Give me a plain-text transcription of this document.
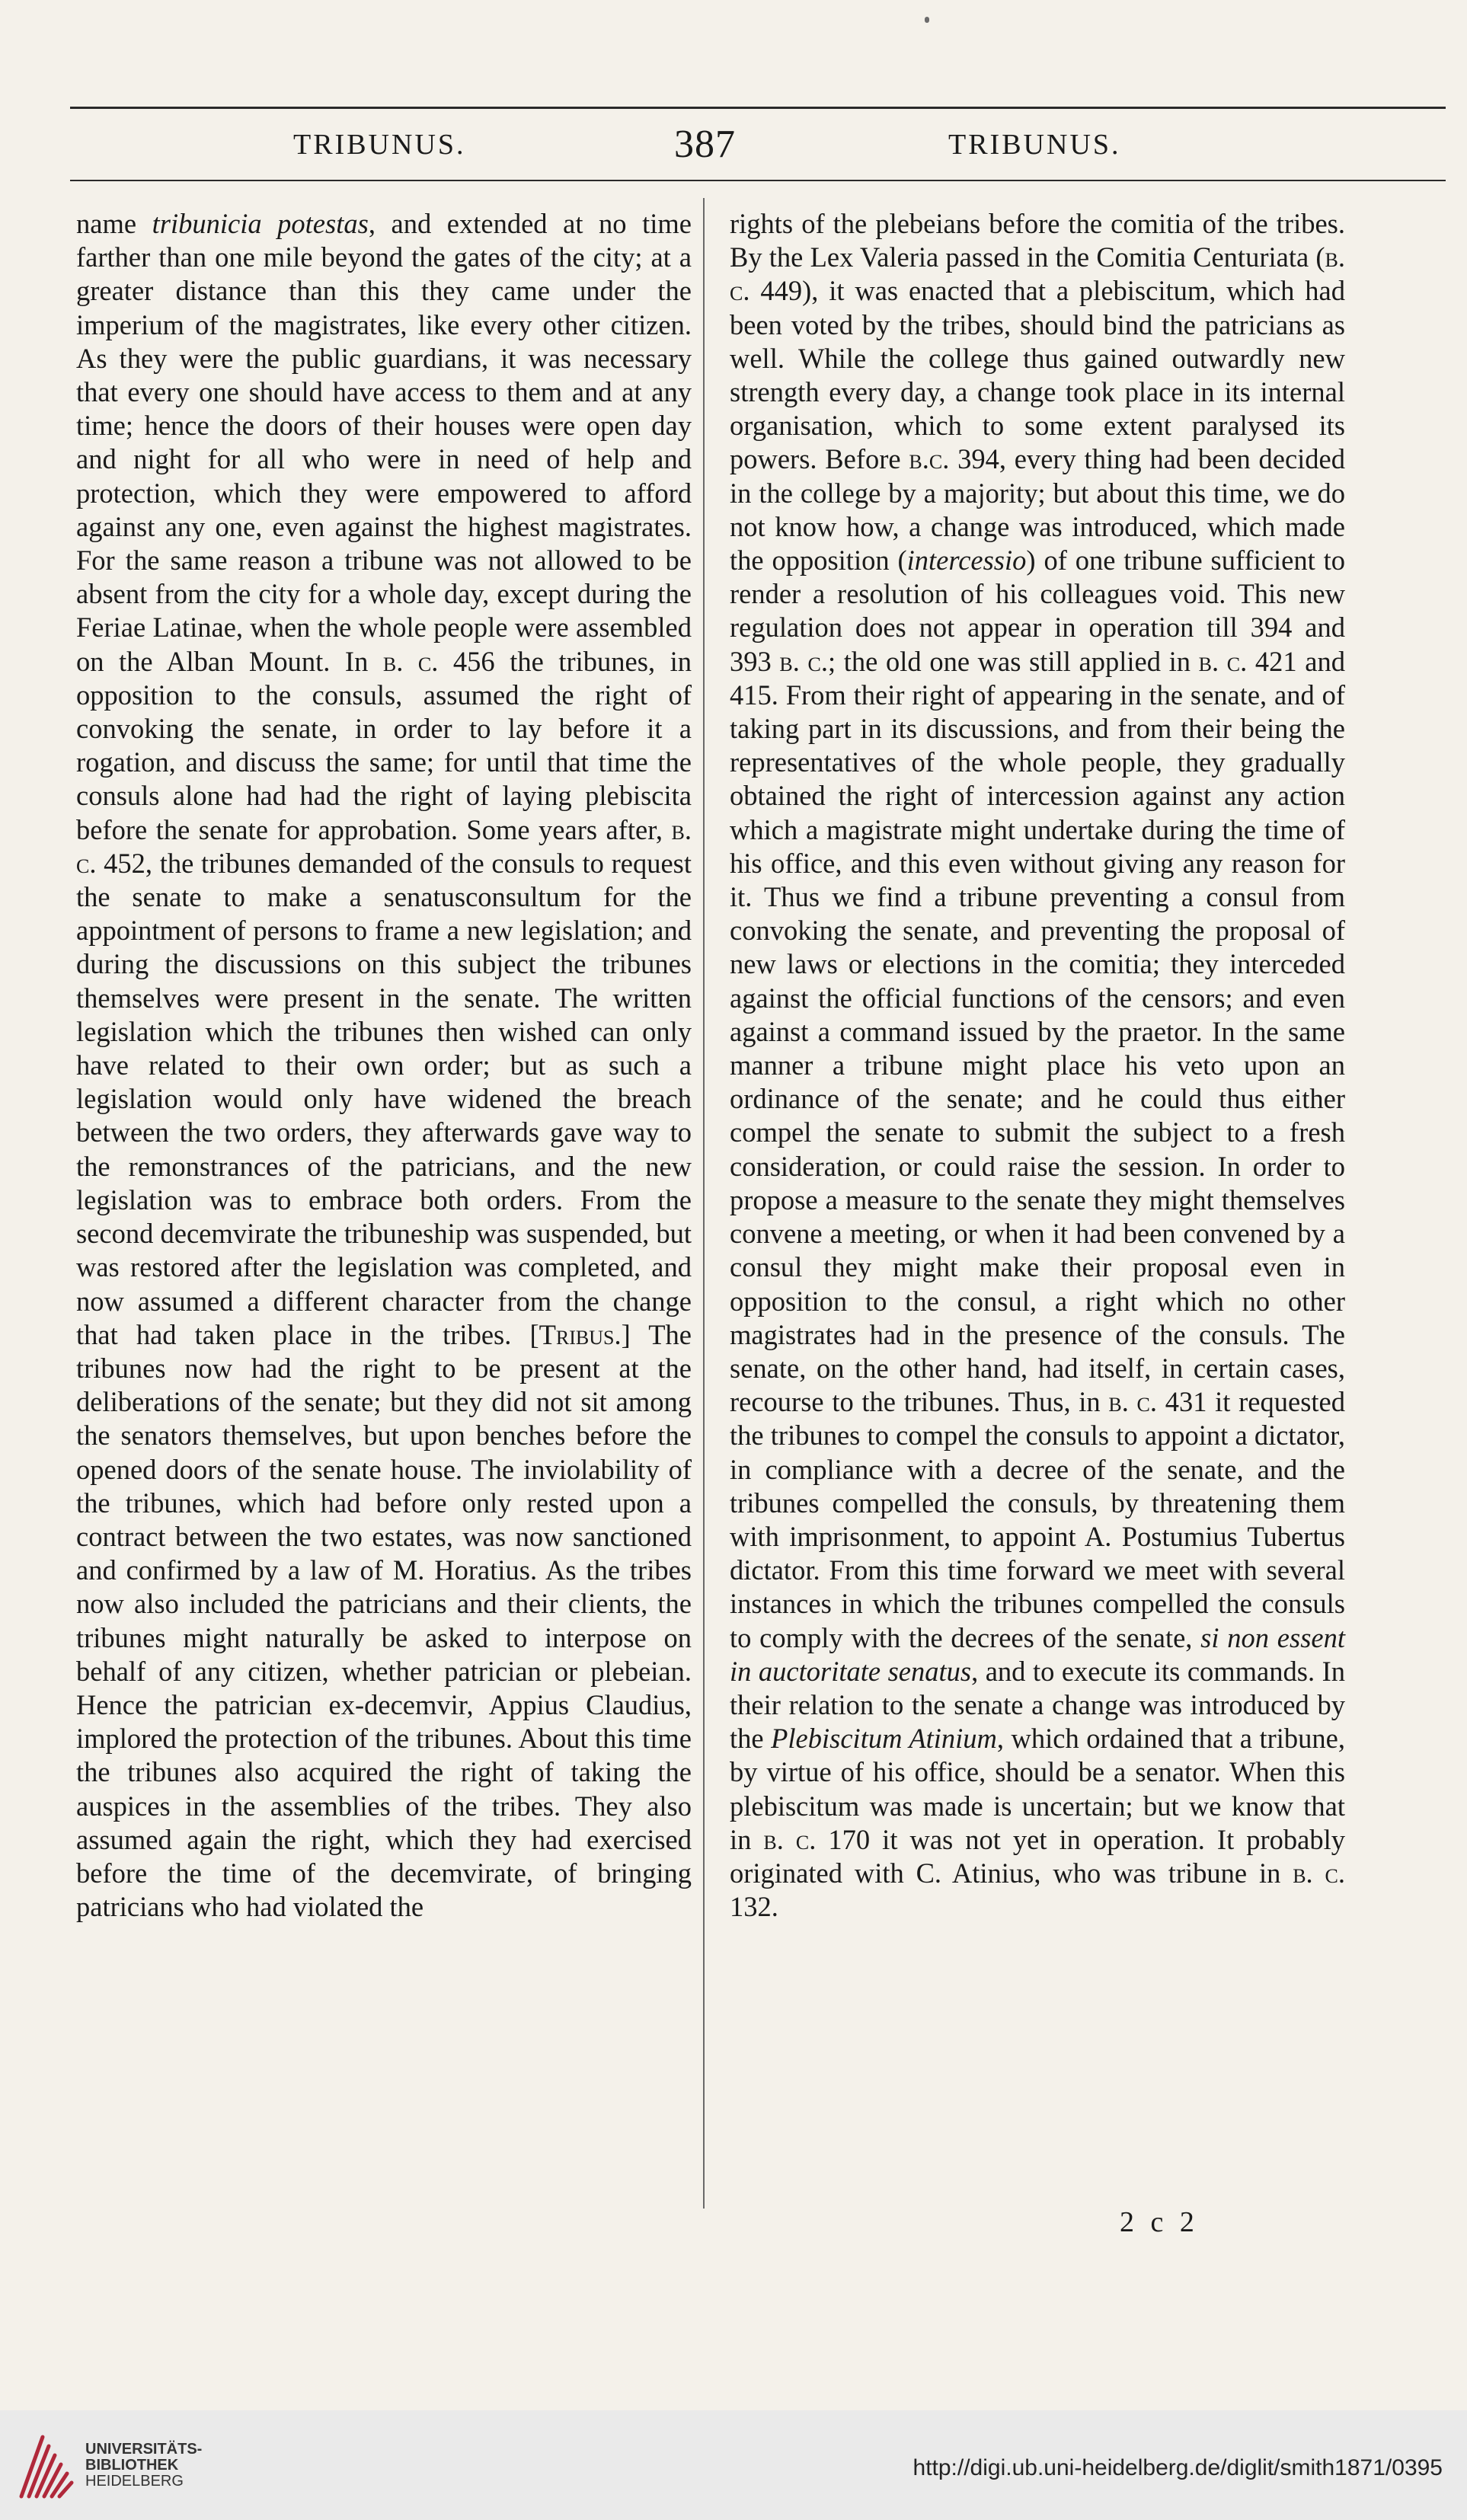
TRIBUNUS.	387	TRIBUNUS.

name tribunicia potestas, and extended at no time farther than one mile beyond the gates of the city; at a greater distance than this they came under the imperium of the magistrates, like every other citizen. As they were the public guardians, it was necessary that every one should have access to them and at any time; hence the doors of their houses were open day and night for all who were in need of help and protection, which they were empowered to afford against any one, even against the highest magistrates. For the same reason a tribune was not allowed to be absent from the city for a whole day, except during the Feriae Latinae, when the whole people were assembled on the Alban Mount. In b. c. 456 the tribunes, in opposition to the consuls, assumed the right of convoking the senate, in order to lay before it a rogation, and discuss the same; for until that time the consuls alone had had the right of laying plebiscita before the senate for approbation. Some years after, b. c. 452, the tribunes demanded of the consuls to request the senate to make a senatusconsultum for the appointment of persons to frame a new legislation; and during the discussions on this subject the tribunes themselves were present in the senate. The written legislation which the tribunes then wished can only have related to their own order; but as such a legislation would only have widened the breach between the two orders, they afterwards gave way to the remonstrances of the patricians, and the new legislation was to embrace both orders. From the second decemvirate the tribuneship was suspended, but was restored after the legislation was completed, and now assumed a different character from the change that had taken place in the tribes. [Tribus.] The tribunes now had the right to be present at the deliberations of the senate; but they did not sit among the senators themselves, but upon benches before the opened doors of the senate house. The inviolability of the tribunes, which had before only rested upon a contract between the two estates, was now sanctioned and confirmed by a law of M. Horatius. As the tribes now also included the patricians and their clients, the tribunes might naturally be asked to interpose on behalf of any citizen, whether patrician or plebeian. Hence the patrician ex-decemvir, Appius Claudius, implored the protection of the tribunes. About this time the tribunes also acquired the right of taking the auspices in the assemblies of the tribes. They also assumed again the right, which they had exercised before the time of the decemvirate, of bringing patricians who had violated the

rights of the plebeians before the comitia of the tribes. By the Lex Valeria passed in the Comitia Centuriata (b. c. 449), it was enacted that a plebiscitum, which had been voted by the tribes, should bind the patricians as well. While the college thus gained outwardly new strength every day, a change took place in its internal organisation, which to some extent paralysed its powers. Before b.c. 394, every thing had been decided in the college by a majority; but about this time, we do not know how, a change was introduced, which made the opposition (intercessio) of one tribune sufficient to render a resolution of his colleagues void. This new regulation does not appear in operation till 394 and 393 b. c.; the old one was still applied in b. c. 421 and 415. From their right of appearing in the senate, and of taking part in its discussions, and from their being the representatives of the whole people, they gradually obtained the right of intercession against any action which a magistrate might undertake during the time of his office, and this even without giving any reason for it. Thus we find a tribune preventing a consul from convoking the senate, and preventing the proposal of new laws or elections in the comitia; they interceded against the official functions of the censors; and even against a command issued by the praetor. In the same manner a tribune might place his veto upon an ordinance of the senate; and he could thus either compel the senate to submit the subject to a fresh consideration, or could raise the session. In order to propose a measure to the senate they might themselves convene a meeting, or when it had been convened by a consul they might make their proposal even in opposition to the consul, a right which no other magistrates had in the presence of the consuls. The senate, on the other hand, had itself, in certain cases, recourse to the tribunes. Thus, in b. c. 431 it requested the tribunes to compel the consuls to appoint a dictator, in compliance with a decree of the senate, and the tribunes compelled the consuls, by threatening them with imprisonment, to appoint A. Postumius Tubertus dictator. From this time forward we meet with several instances in which the tribunes compelled the consuls to comply with the decrees of the senate, si non essent in auctoritate senatus, and to execute its commands. In their relation to the senate a change was introduced by the Plebiscitum Atinium, which ordained that a tribune, by virtue of his office, should be a senator. When this plebiscitum was made is uncertain; but we know that in b. c. 170 it was not yet in operation. It probably originated with C. Atinius, who was tribune in b. c. 132.

2 c 2
UNIVERSITÄTS-
BIBLIOTHEK
HEIDELBERG
http://digi.ub.uni-heidelberg.de/diglit/smith1871/0395
